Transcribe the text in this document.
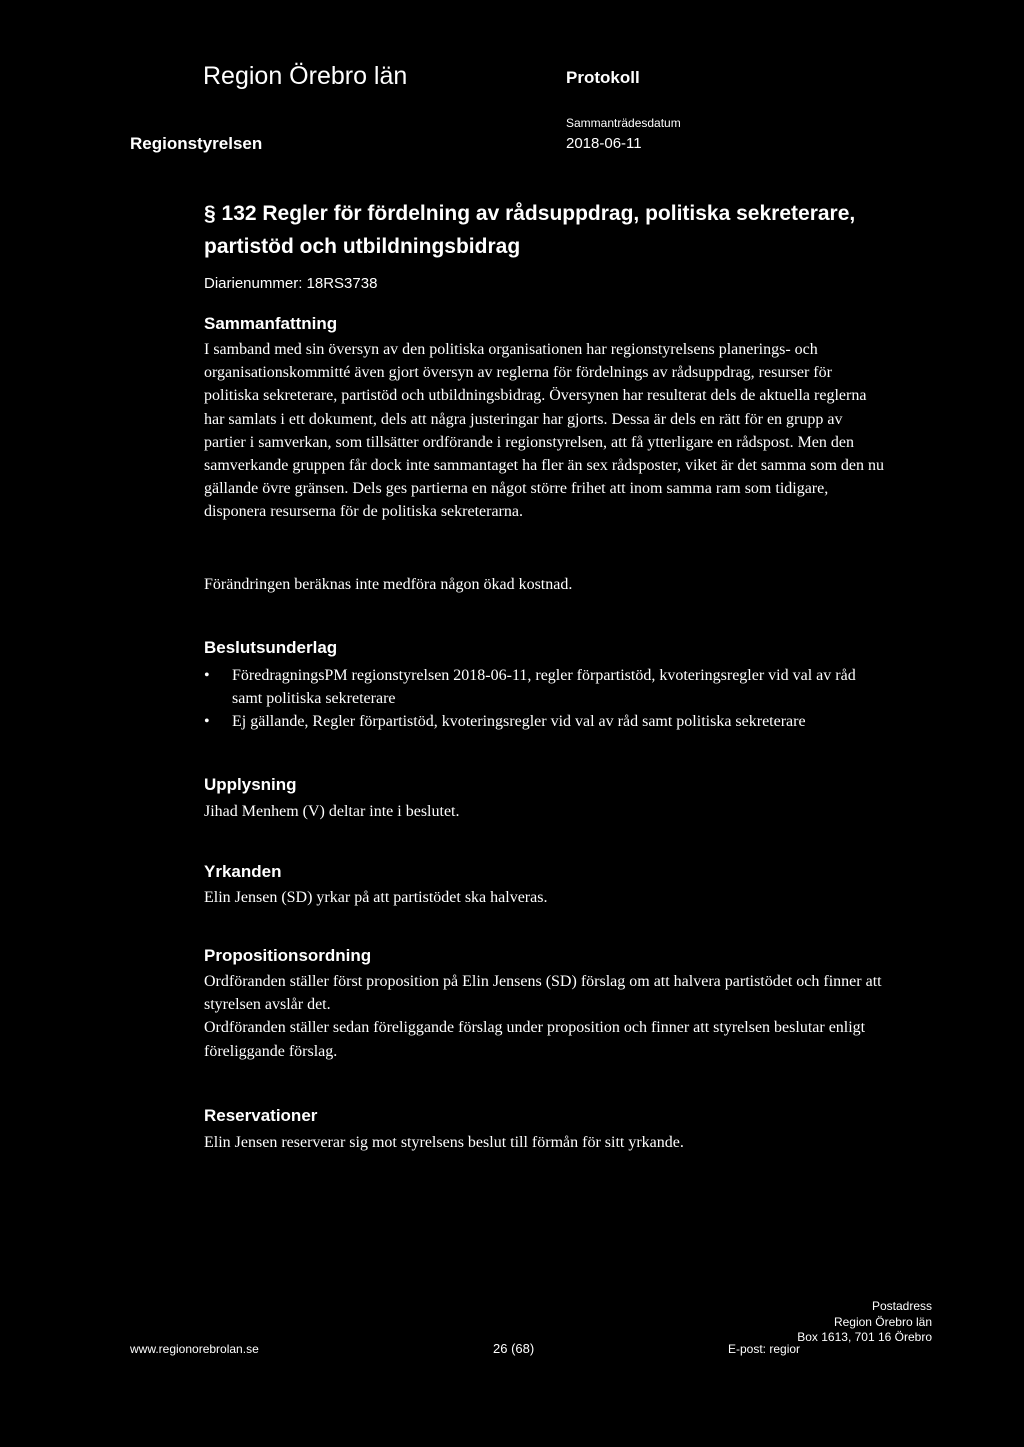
Region Örebro län	Protokoll
Sammanträdesdatum
Regionstyrelsen	2018-06-11
§ 132 Regler för fördelning av rådsuppdrag, politiska sekreterare, partistöd och utbildningsbidrag
Diarienummer: 18RS3738
Sammanfattning
I samband med sin översyn av den politiska organisationen har regionstyrelsens planerings- och organisationskommitté även gjort översyn av reglerna för fördelnings av rådsuppdrag, resurser för politiska sekreterare, partistöd och utbildningsbidrag. Översynen har resulterat dels de aktuella reglerna har samlats i ett dokument, dels att några justeringar har gjorts. Dessa är dels en rätt för en grupp av partier i samverkan, som tillsätter ordförande i regionstyrelsen, att få ytterligare en rådspost. Men den samverkande gruppen får dock inte sammantaget ha fler än sex rådsposter, viket är det samma som den nu gällande övre gränsen. Dels ges partierna en något större frihet att inom samma ram som tidigare, disponera resurserna för de politiska sekreterarna.
Förändringen beräknas inte medföra någon ökad kostnad.
Beslutsunderlag
• FöredragningsPM regionstyrelsen 2018-06-11, regler förpartistöd, kvoteringsregler vid val av råd samt politiska sekreterare
• Ej gällande, Regler förpartistöd, kvoteringsregler vid val av råd samt politiska sekreterare
Upplysning
Jihad Menhem (V) deltar inte i beslutet.
Yrkanden
Elin Jensen (SD) yrkar på att partistödet ska halveras.
Propositionsordning
Ordföranden ställer först proposition på Elin Jensens (SD) förslag om att halvera partistödet och finner att styrelsen avslår det.
Ordföranden ställer sedan föreliggande förslag under proposition och finner att styrelsen beslutar enligt föreliggande förslag.
Reservationer
Elin Jensen reserverar sig mot styrelsens beslut till förmån för sitt yrkande.
www.regionorebrolan.se	26 (68)	E-post: regior
Postadress
Region Örebro län
Box 1613, 701 16 Örebro
